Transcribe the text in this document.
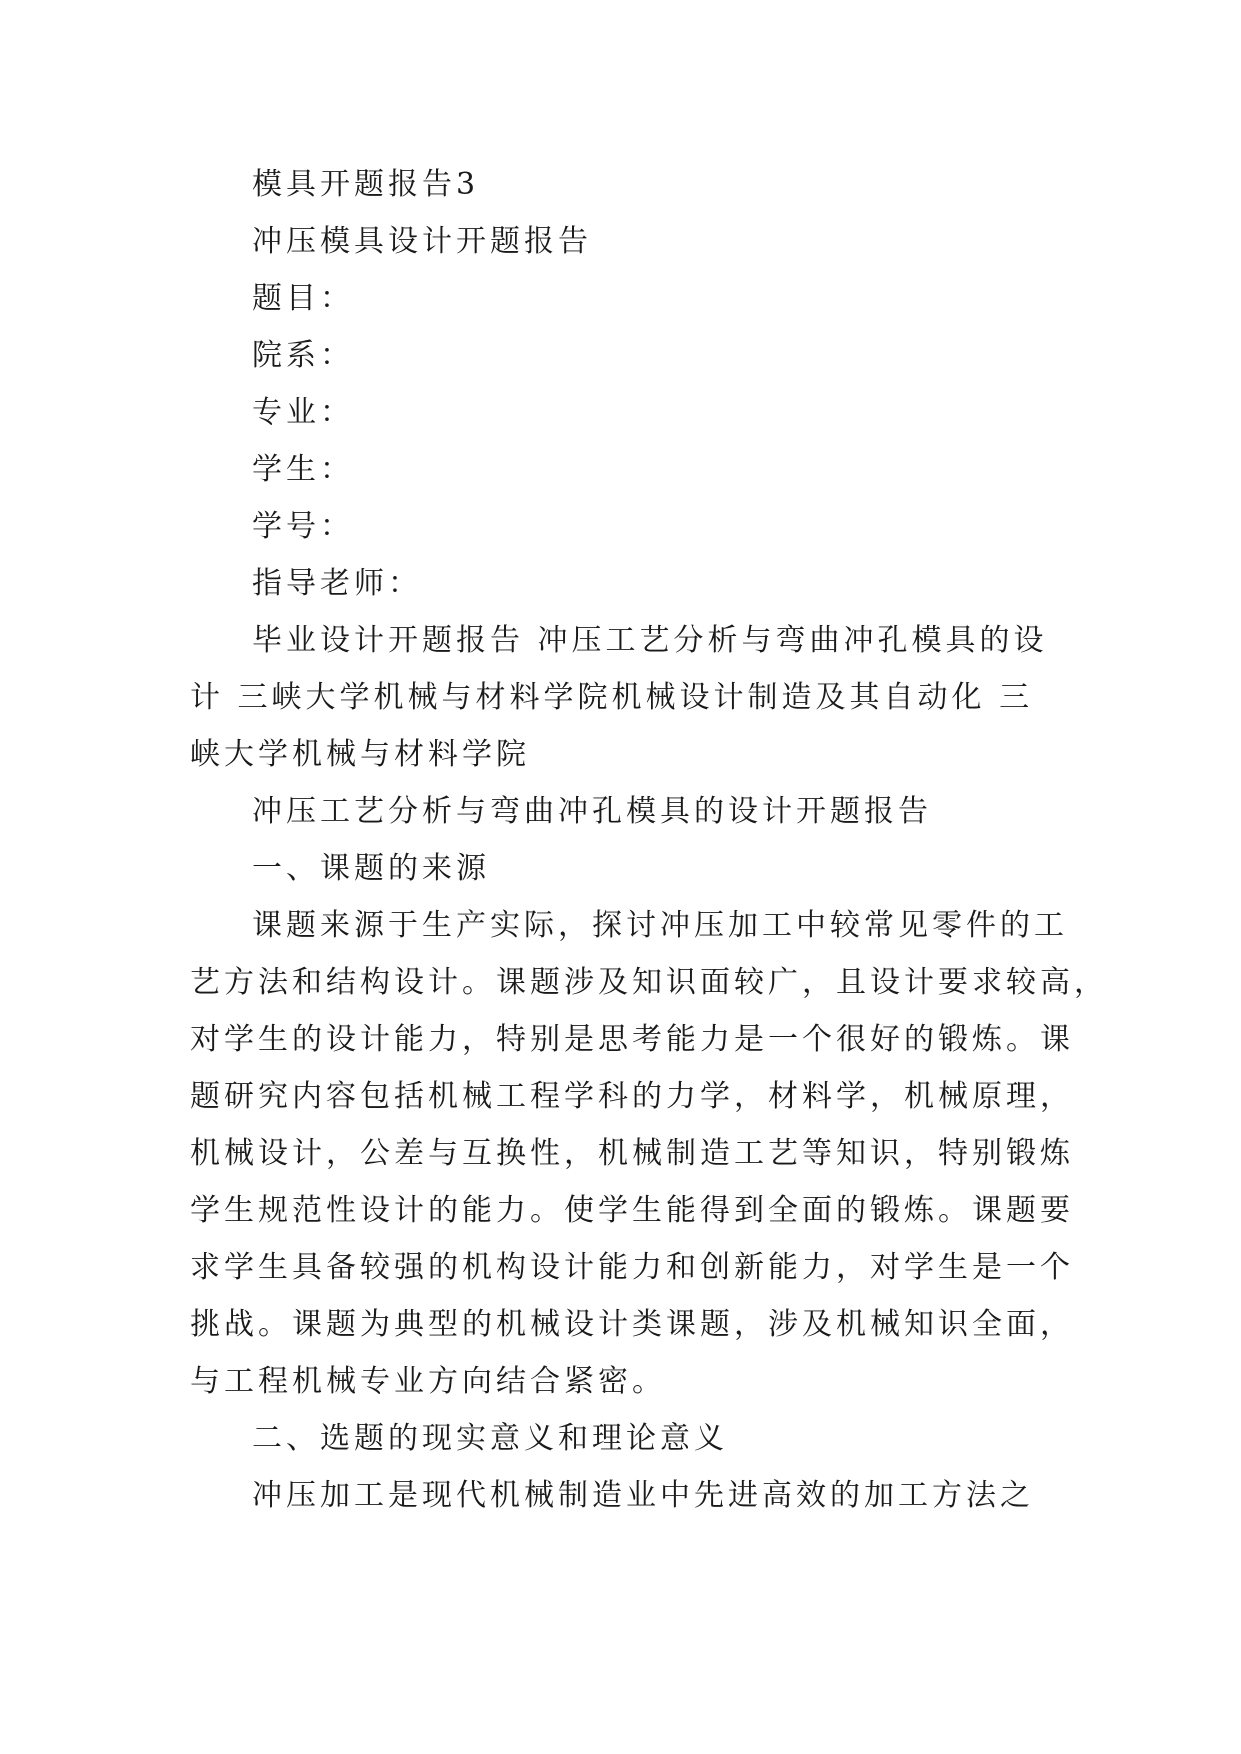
模具开题报告3

冲压模具设计开题报告

题目：

院系：

专业：

学生：

学号：

指导老师：

毕业设计开题报告 冲压工艺分析与弯曲冲孔模具的设

计 三峡大学机械与材料学院机械设计制造及其自动化 三

峡大学机械与材料学院

冲压工艺分析与弯曲冲孔模具的设计开题报告

一、课题的来源

课题来源于生产实际，探讨冲压加工中较常见零件的工

艺方法和结构设计。课题涉及知识面较广，且设计要求较高，

对学生的设计能力，特别是思考能力是一个很好的锻炼。课

题研究内容包括机械工程学科的力学，材料学，机械原理，

机械设计，公差与互换性，机械制造工艺等知识，特别锻炼

学生规范性设计的能力。使学生能得到全面的锻炼。课题要

求学生具备较强的机构设计能力和创新能力，对学生是一个

挑战。课题为典型的机械设计类课题，涉及机械知识全面，

与工程机械专业方向结合紧密。

二、选题的现实意义和理论意义

冲压加工是现代机械制造业中先进高效的加工方法之
